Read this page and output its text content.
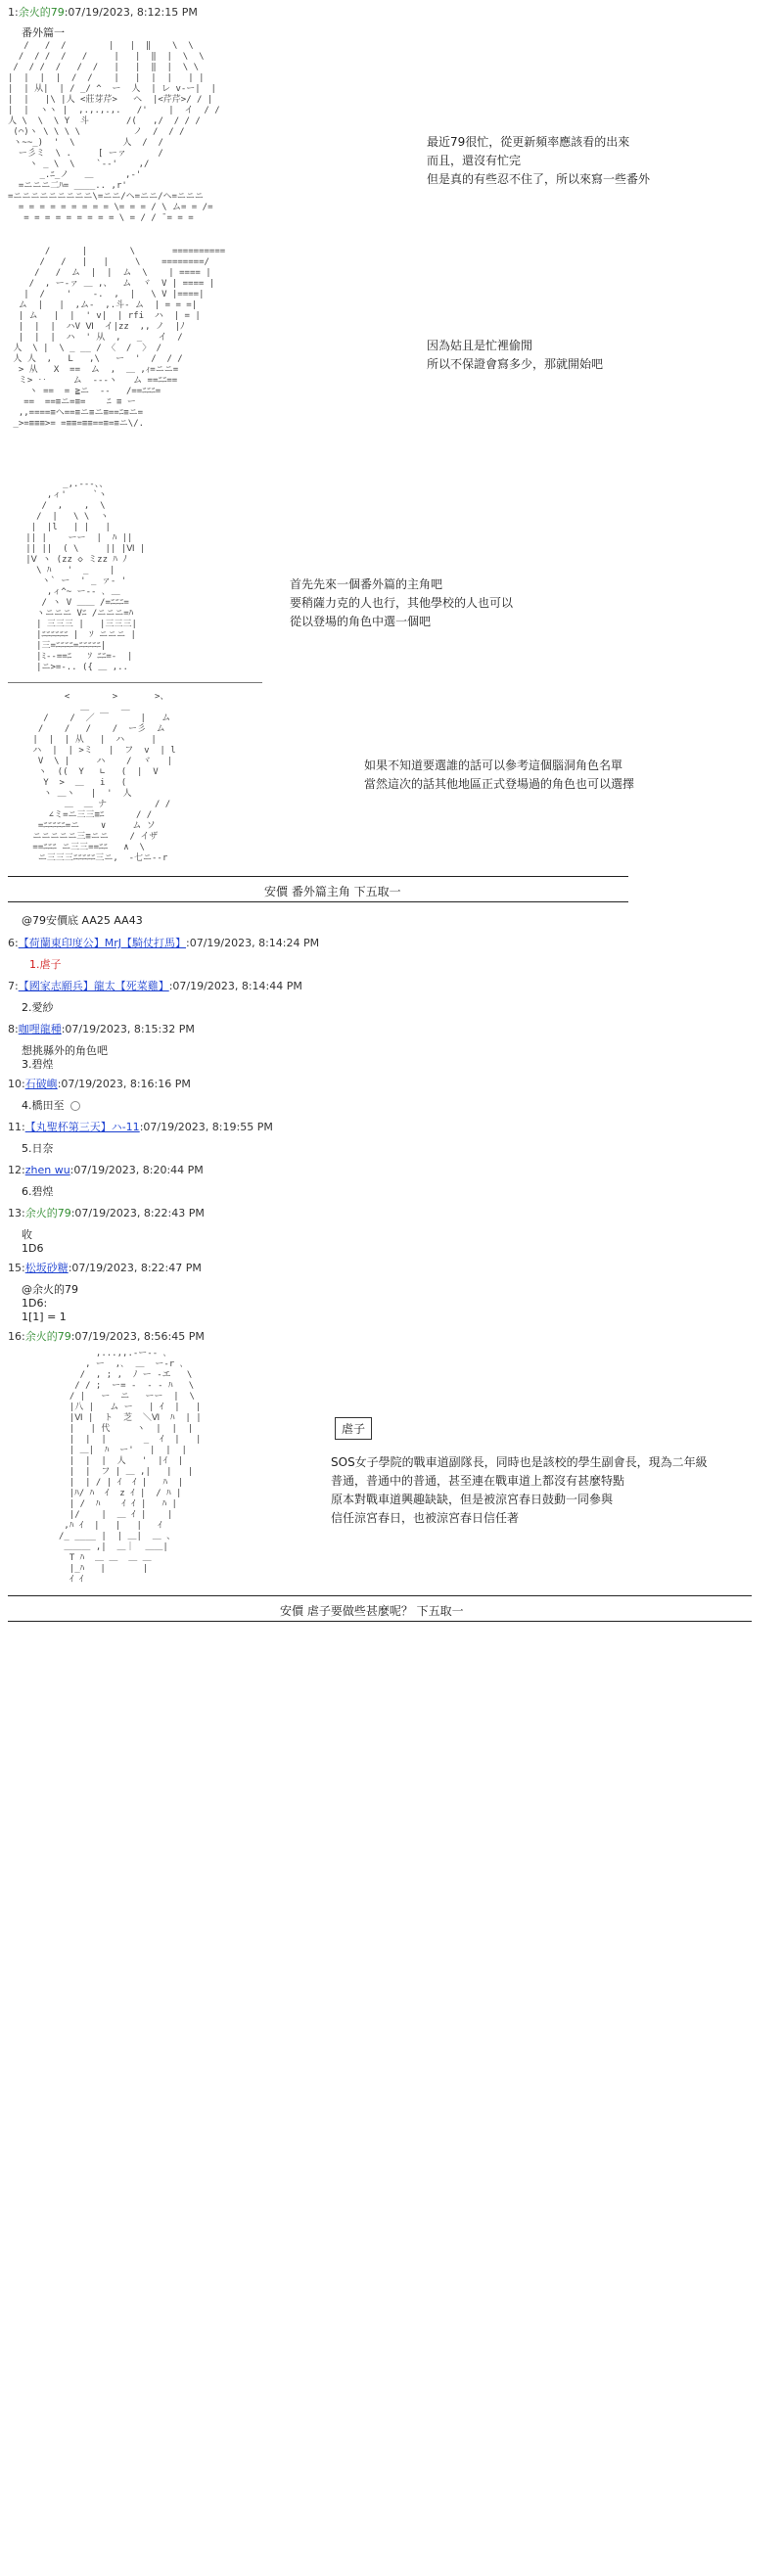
1:余火的79:07/19/2023, 8:12:15 PM
番外篇一
/   /  /        |   |  ‖    \  \
/  / /  /   /     |   |  ‖  |  \  \
/  / /  /   /  /   |   |  ‖  |  \ \
|  |  |  |  /  /    |   |  |  |   | |
|  | 从|  | / _/ ^  ー  人  | レ v-ー|  |
|  |   |\ |人 <莊芽芹>   ヘ  |<芹芹>/ / |
|  |  ヽヽ |  ,.,.,.,.   /'    |  イ  / /
人 \  \  \ Y  斗       /(   ,/  / / /
(⌒)ヽ \ \ \ \          ノ  /  / /
ヽ~~_)  '  \         人  /  /
ー彡ミ  \ .     [ ーァ      /
ヽ _ \  \    `--'    ,/
_.ﾆ_ノ   ＿      ,-'
=ニニニ二ﾊ= ____.. ,r'
=ニニニニニニニニニ\=ニニ/ヘ=ニニ/ヘ=ニニニ
= = = = = = = = = \= = = / \ ム= = /=
= = = = = = = = = \ = / / ̄ = = =
最近79很忙，從更新頻率應該看的出來
而且，還沒有忙完
但是真的有些忍不住了，所以來寫一些番外
/      |        \       ==========
/   /   |   |     \    ========/
/   /  ム  |  |  ム  \    | ==== |
/  , ー‐ァ ＿ ,、  ム  ヾ  V | ==== |
|  /    '    ‐.  ,  |   \ V |====|
ム  |   |  ,ム‐  ,.斗‐ ム  | = = =|
| ム   |  |  ' v|  | rfi  ハ  | = |
|  |  |  ハV Ⅵ  イ|zz  ,, ノ  |ﾉ
|  |  |  ハ  ' 从  ,   _   イ  /
人  \ |  \ _ __ / 〈  /  〉 /
人 人  ,   L   ,\   ー  '  /  / /
> 从   X  ==  ム  ,  ＿ ,ｨ=ニニ=
ミ> ‥     ム  ‐‐‐ヽ   ム ==ﾆﾆ==
ヽ ==  = ≧ニ  ‐‐   /==ﾆﾆﾆ=
==  ==≡ニ=≡=    ﾆ ≡ ー
,,====≡ヘ==≡ニ≡ニ≡==ﾆ≡ニ=
_>=≡≡≡>= =≡≡=≡≡==≡=≡ニ\/.
因為姑且是忙裡偷閒
所以不保證會寫多少，那就開始吧
_,.---、、
,ィ'     `ヽ
/  ,    ,  \
/  |   \ \  ヽ
|  |l   | |   |
|| |    ーー  |  ﾊ ||
|| ||  ( \     || |Ⅵ |
|Ⅴ ヽ (zz ◇ ミzz ﾊ ﾉ
\ ﾊ   '  _    |
ヽ` ー  ' _ ァ‐ '
,ィ^~ ー‐- ､ ＿
/ ヽ V ＿＿ /=ﾆﾆﾆ=
ヽニニニ Vﾆ /ニニニ=ﾊ
| 三三三 |   |三三三|
|ﾆﾆﾆﾆﾆﾆ |  ｿ ニニニ |
|三=ﾆﾆﾆﾆ=ﾆﾆﾆﾆﾆ|
|ﾐ‐‐==ﾆ   ｿ ﾆﾆ=‐  |
|ニ>=-.. ({ ＿ ,..
首先先來一個番外篇的主角吧
要稍薩力克的人也行，其他學校的人也可以
從以登場的角色中選一個吧
<        >       >、
＿      ＿
/    /  ／ ￣      |   ム
/    /   /    /  ー彡  ム
|  |  | 从   |  ハ     |
ハ  |  | >ミ   |  フ  v  | l
V  \ |     ハ    /  ヾ   |
ヽ  ((  Y   ∟   (  |  V
Y  >  ＿   i   (
ヽ ＿ヽ   |  '  人
＿  ＿ ナ         / /
∠ミ=ニ三三≡ﾆ      / /
=ﾆﾆﾆﾆﾆ=ニ    ∨     ム ソ
ニニニニニ三≡ニニ    / イザ
==ﾆﾆﾆ ニ三三==ﾆﾆ   ∧  \
ニ三三三ﾆﾆﾆﾆﾆ三ニ,  ‐七ニ--r
如果不知道要選誰的話可以參考這個腦洞角色名單
當然這次的話其他地區正式登場過的角色也可以選擇
安價 番外篇主角 下五取一
@79安價底 AA25 AA43
6:【荷蘭東印度公】MrJ【騎仗打馬】:07/19/2023, 8:14:24 PM
1.虐子
7:【國家志願兵】龍太【死菜雞】:07/19/2023, 8:14:44 PM
2.愛紗
8:咖哩龍種:07/19/2023, 8:15:32 PM
想挑縣外的角色吧
3.碧煌
10:石破嶼:07/19/2023, 8:16:16 PM
4.橋田至
11:【丸聖杯第三天】ハ-11:07/19/2023, 8:19:55 PM
5.日奈
12:zhen wu:07/19/2023, 8:20:44 PM
6.碧煌
13:余火的79:07/19/2023, 8:22:43 PM
收
1D6
15:松坂砂糖:07/19/2023, 8:22:47 PM
@余火的79
1D6:
1[1] = 1
16:余火的79:07/19/2023, 8:56:45 PM
,...,,.‐ー‐- ､
, ー  ,､  ＿  ー-r ､
/  , ; ,  ﾉ ー ‐エ   \
/ / ;  ー= ‐  ‐ ‐ ﾊ   \
/ |   ー  ニ   ーー  |  \
|八 |   ム ー   | ｲ  |   |
|Ⅵ |  ト  芝  ＼Ⅵ  ﾊ  | |
|   | 代     ヽ  |  |  |
|  |  |       _  ｲ  |   |
| ＿|  ﾊ  ー'   |  |  |
|  |  |  人   '  |ｲ  |
|  |  フ | ＿ ,|   |   |
|  | / | ｲ  ｲ |   ﾊ  |
|ﾊ/ ﾊ  ｲ  z ｲ |  / ﾊ |
| /  ﾊ    ｲ ｲ |   ﾊ |
|/    |  ＿ ｲ |    |
,ﾊ ｲ  |   |   |   ｲ
/_ ____ |  | ＿|  ＿ 、
＿＿＿ ,|  ＿｜  ＿＿|
T ﾊ  ＿ ＿  ＿ ＿
|_ﾊ   |       |
ｲ ｲ
虐子
SOS女子學院的戰車道副隊長，同時也是該校的學生副會長，現為二年級
普通，普通中的普通，甚至連在戰車道上都沒有甚麼特點
原本對戰車道興趣缺缺，但是被涼宮春日鼓動一同參與
信任涼宮春日，也被涼宮春日信任著
安價 虐子要做些甚麼呢？ 下五取一
